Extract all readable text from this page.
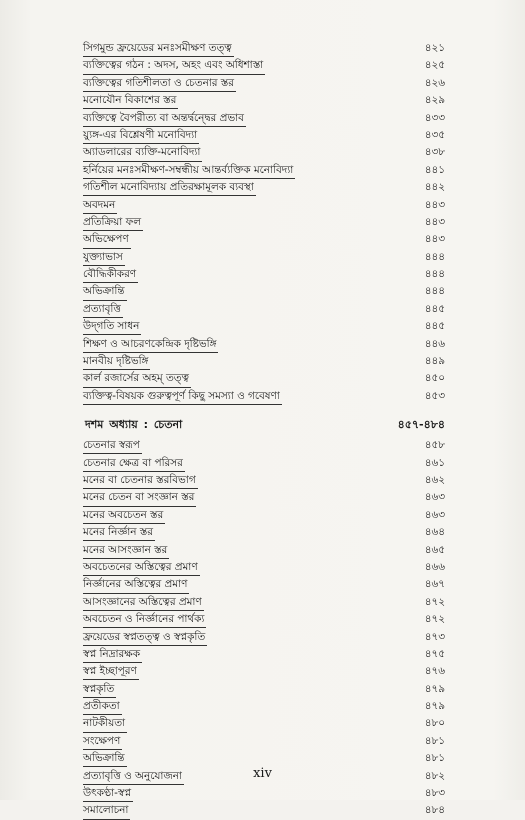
সিগমুন্ড ফ্রয়েডের মনঃসমীক্ষণ তত্ত্ব	৪২১
ব্যক্তিত্বের গঠন : অদস, অহং এবং অধিশাস্তা	৪২৫
ব্যক্তিত্বের গতিশীলতা ও চেতনার স্তর	৪২৬
মনোযৌন বিকাশের স্তর	৪২৯
ব্যক্তিত্বে বৈপরীত্য বা অন্তর্দ্বন্দ্বের প্রভাব	৪৩৩
য়্যুঙ্গ-এর বিশ্লেষণী মনোবিদ্যা	৪৩৫
অ্যাডলারের ব্যক্তি-মনোবিদ্যা	৪৩৮
হর্নিয়ের মনঃসমীক্ষণ-সম্বন্ধীয় আন্তর্ব্যক্তিক মনোবিদ্যা	৪৪১
গতিশীল মনোবিদ্যায় প্রতিরক্ষামূলক ব্যবস্থা	৪৪২
অবদমন	৪৪৩
প্রতিক্রিয়া ফল	৪৪৩
অভিক্ষেপণ	৪৪৩
যুক্ত্যাভাস	৪৪৪
বৌদ্ধিকীকরণ	৪৪৪
অভিক্রান্তি	৪৪৪
প্রত্যাবৃত্তি	৪৪৫
উদ্‌গতি সাধন	৪৪৫
শিক্ষণ ও আচরণকেন্দ্রিক দৃষ্টিভঙ্গি	৪৪৬
মানবীয় দৃষ্টিভঙ্গি	৪৪৯
কার্ল রজার্সের অহম্ তত্ত্ব	৪৫০
ব্যক্তিত্ব-বিষয়ক গুরুত্বপূর্ণ কিছু সমস্যা ও গবেষণা	৪৫৩
দশম অধ্যায় : চেতনা	৪৫৭-৪৮৪
চেতনার স্বরূপ	৪৫৮
চেতনার ক্ষেত্র বা পরিসর	৪৬১
মনের বা চেতনার স্তরবিভাগ	৪৬২
মনের চেতন বা সংজ্ঞান স্তর	৪৬৩
মনের অবচেতন স্তর	৪৬৩
মনের নির্জ্ঞান স্তর	৪৬৪
মনের আসংজ্ঞান স্তর	৪৬৫
অবচেতনের অস্তিত্বের প্রমাণ	৪৬৬
নির্জ্ঞানের অস্তিত্বের প্রমাণ	৪৬৭
আসংজ্ঞানের অস্তিত্বের প্রমাণ	৪৭২
অবচেতন ও নির্জ্ঞানের পার্থক্য	৪৭২
ফ্রয়েডের স্বপ্নতত্ত্ব ও স্বপ্নকৃতি	৪৭৩
স্বপ্ন নিদ্রারক্ষক	৪৭৫
স্বপ্ন ইচ্ছাপূরণ	৪৭৬
স্বপ্নকৃতি	৪৭৯
প্রতীকতা	৪৭৯
নাটকীয়তা	৪৮০
সংক্ষেপণ	৪৮১
অভিক্রান্তি	৪৮১
প্রত্যাবৃত্তি ও অনুযোজনা	৪৮২
উৎকণ্ঠা-স্বপ্ন	৪৮৩
সমালোচনা	৪৮৪
xiv
